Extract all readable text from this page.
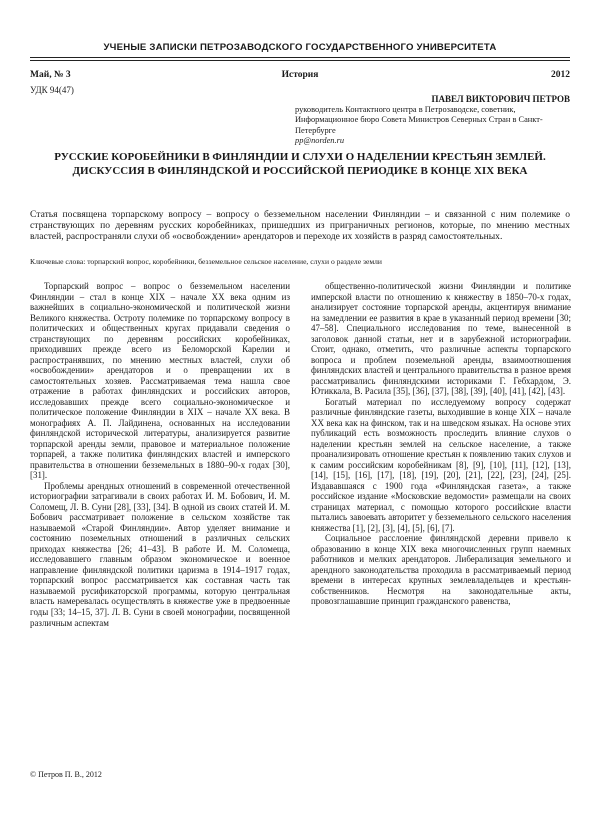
УЧЕНЫЕ ЗАПИСКИ ПЕТРОЗАВОДСКОГО ГОСУДАРСТВЕННОГО УНИВЕРСИТЕТА
Май, № 3	История	2012
УДК 94(47)
ПАВЕЛ ВИКТОРОВИЧ ПЕТРОВ
руководитель Контактного центра в Петрозаводске, советник, Информационное бюро Совета Министров Северных Стран в Санкт-Петербурге
pp@norden.ru
РУССКИЕ КОРОБЕЙНИКИ В ФИНЛЯНДИИ И СЛУХИ О НАДЕЛЕНИИ КРЕСТЬЯН ЗЕМЛЕЙ. ДИСКУССИЯ В ФИНЛЯНДСКОЙ И РОССИЙСКОЙ ПЕРИОДИКЕ В КОНЦЕ XIX ВЕКА
Статья посвящена торпарскому вопросу – вопросу о безземельном населении Финляндии – и связанной с ним полемике о странствующих по деревням русских коробейниках, пришедших из приграничных регионов, которые, по мнению местных властей, распространяли слухи об «освобождении» арендаторов и переходе их хозяйств в разряд самостоятельных.
Ключевые слова: торпарский вопрос, коробейники, безземельное сельское население, слухи о разделе земли

Торпарский вопрос – вопрос о безземельном населении Финляндии – стал в конце XIX – начале XX века одним из важнейших в социально-экономической и политической жизни Великого княжества. Остроту полемике по торпарскому вопросу в политических и общественных кругах придавали сведения о странствующих по деревням российских коробейниках, приходивших прежде всего из Беломорской Карелии и распространявших, по мнению местных властей, слухи об «освобождении» арендаторов и о превращении их в самостоятельных хозяев. Рассматриваемая тема нашла свое отражение в работах финляндских и российских авторов, исследовавших прежде всего социально-экономическое и политическое положение Финляндии в XIX – начале XX века. В монографиях А. П. Лайдинена, основанных на исследовании финляндской исторической литературы, анализируется развитие торпарской аренды земли, правовое и материальное положение торпарей, а также политика финляндских властей и имперского правительства в отношении безземельных в 1880–90-х годах [30], [31].

Проблемы арендных отношений в современной отечественной историографии затрагивали в своих работах И. М. Бобович, И. М. Соломещ, Л. В. Суни [28], [33], [34]. В одной из своих статей И. М. Бобович рассматривает положение в сельском хозяйстве так называемой «Старой Финляндии». Автор уделяет внимание и состоянию поземельных отношений в различных сельских приходах княжества [26; 41–43]. В работе И. М. Соломеща, исследовавшего главным образом экономическое и военное направление финляндской политики царизма в 1914–1917 годах, торпарский вопрос рассматривается как составная часть так называемой русификаторской программы, которую центральная власть намеревалась осуществлять в княжестве уже в предвоенные годы [33; 14–15, 37]. Л. В. Суни в своей монографии, посвященной различным аспектам

общественно-политической жизни Финляндии и политике имперской власти по отношению к княжеству в 1850–70-х годах, анализирует состояние торпарской аренды, акцентируя внимание на замедлении ее развития в крае в указанный период времени [30; 47–58]. Специального исследования по теме, вынесенной в заголовок данной статьи, нет и в зарубежной историографии. Стоит, однако, отметить, что различные аспекты торпарского вопроса и проблем поземельной аренды, взаимоотношения финляндских властей и центрального правительства в разное время рассматривались финляндскими историками Г. Гебхардом, Э. Ютиккала, В. Расила [35], [36], [37], [38], [39], [40], [41], [42], [43].

Богатый материал по исследуемому вопросу содержат различные финляндские газеты, выходившие в конце XIX – начале XX века как на финском, так и на шведском языках. На основе этих публикаций есть возможность проследить влияние слухов о наделении крестьян землей на сельское население, а также проанализировать отношение крестьян к появлению таких слухов и к самим российским коробейникам [8], [9], [10], [11], [12], [13], [14], [15], [16], [17], [18], [19], [20], [21], [22], [23], [24], [25]. Издававшаяся с 1900 года «Финляндская газета», а также российское издание «Московские ведомости» размещали на своих страницах материал, с помощью которого российские власти пытались завоевать авторитет у безземельного сельского населения княжества [1], [2], [3], [4], [5], [6], [7].

Социальное расслоение финляндской деревни привело к образованию в конце XIX века многочисленных групп наемных работников и мелких арендаторов. Либерализация земельного и арендного законодательства проходила в рассматриваемый период времени в интересах крупных землевладельцев и крестьян-собственников. Несмотря на законодательные акты, провозглашавшие принцип гражданского равенства,

© Петров П. В., 2012
